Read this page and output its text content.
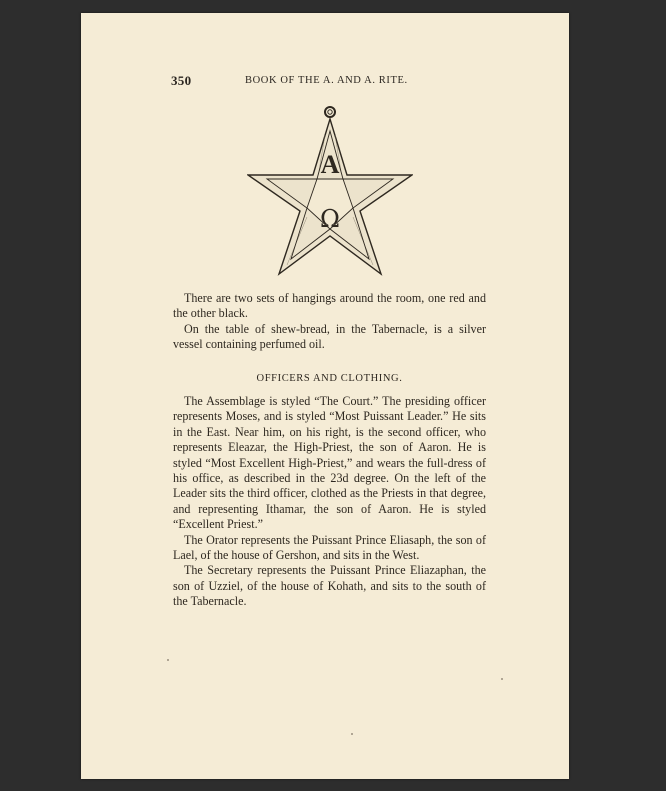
350	BOOK OF THE A. AND A. RITE.
A
Ω

There are two sets of hangings around the room, one red and the other black.

On the table of shew-bread, in the Tabernacle, is a silver vessel containing perfumed oil.

OFFICERS AND CLOTHING.

The Assemblage is styled “The Court.” The presiding officer represents Moses, and is styled “Most Puissant Leader.” He sits in the East. Near him, on his right, is the second officer, who represents Eleazar, the High-Priest, the son of Aaron. He is styled “Most Excellent High-Priest,” and wears the full-dress of his office, as described in the 23d degree. On the left of the Leader sits the third officer, clothed as the Priests in that degree, and representing Ithamar, the son of Aaron. He is styled “Excellent Priest.”

The Orator represents the Puissant Prince Eliasaph, the son of Lael, of the house of Gershon, and sits in the West.

The Secretary represents the Puissant Prince Eliazaphan, the son of Uzziel, of the house of Kohath, and sits to the south of the Tabernacle.
